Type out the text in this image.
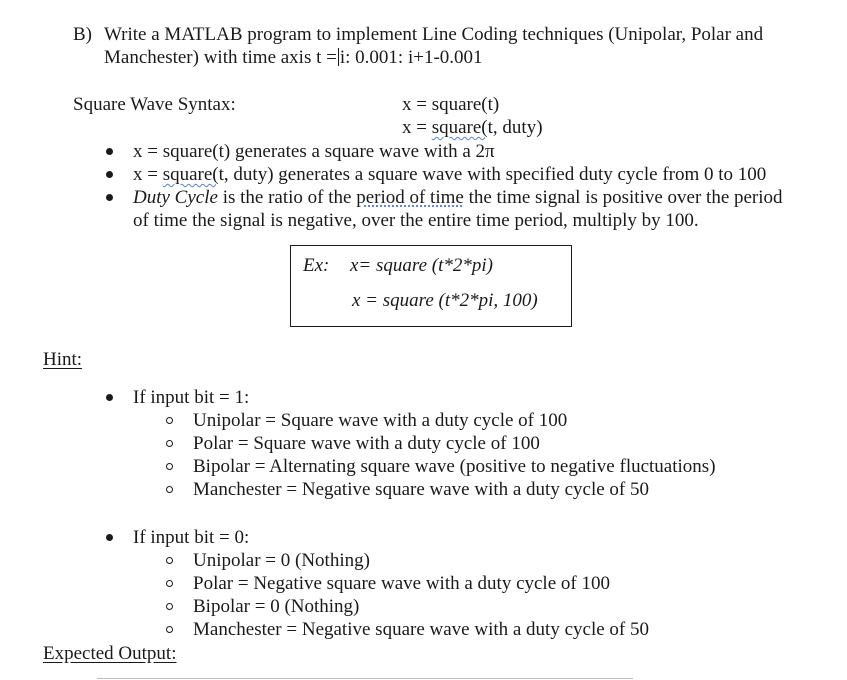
B) Write a MATLAB program to implement Line Coding techniques (Unipolar, Polar and
Manchester) with time axis t = i: 0.001: i+1-0.001
Square Wave Syntax:	x = square(t)
x = square(t, duty)
x = square(t) generates a square wave with a 2π
x = square(t, duty) generates a square wave with specified duty cycle from 0 to 100
Duty Cycle is the ratio of the period of time the time signal is positive over the period
of time the signal is negative, over the entire time period, multiply by 100.
Ex: x= square (t*2*pi)
x = square (t*2*pi, 100)
Hint:
If input bit = 1:
Unipolar = Square wave with a duty cycle of 100
Polar = Square wave with a duty cycle of 100
Bipolar = Alternating square wave (positive to negative fluctuations)
Manchester = Negative square wave with a duty cycle of 50
If input bit = 0:
Unipolar = 0 (Nothing)
Polar = Negative square wave with a duty cycle of 100
Bipolar = 0 (Nothing)
Manchester = Negative square wave with a duty cycle of 50
Expected Output:
